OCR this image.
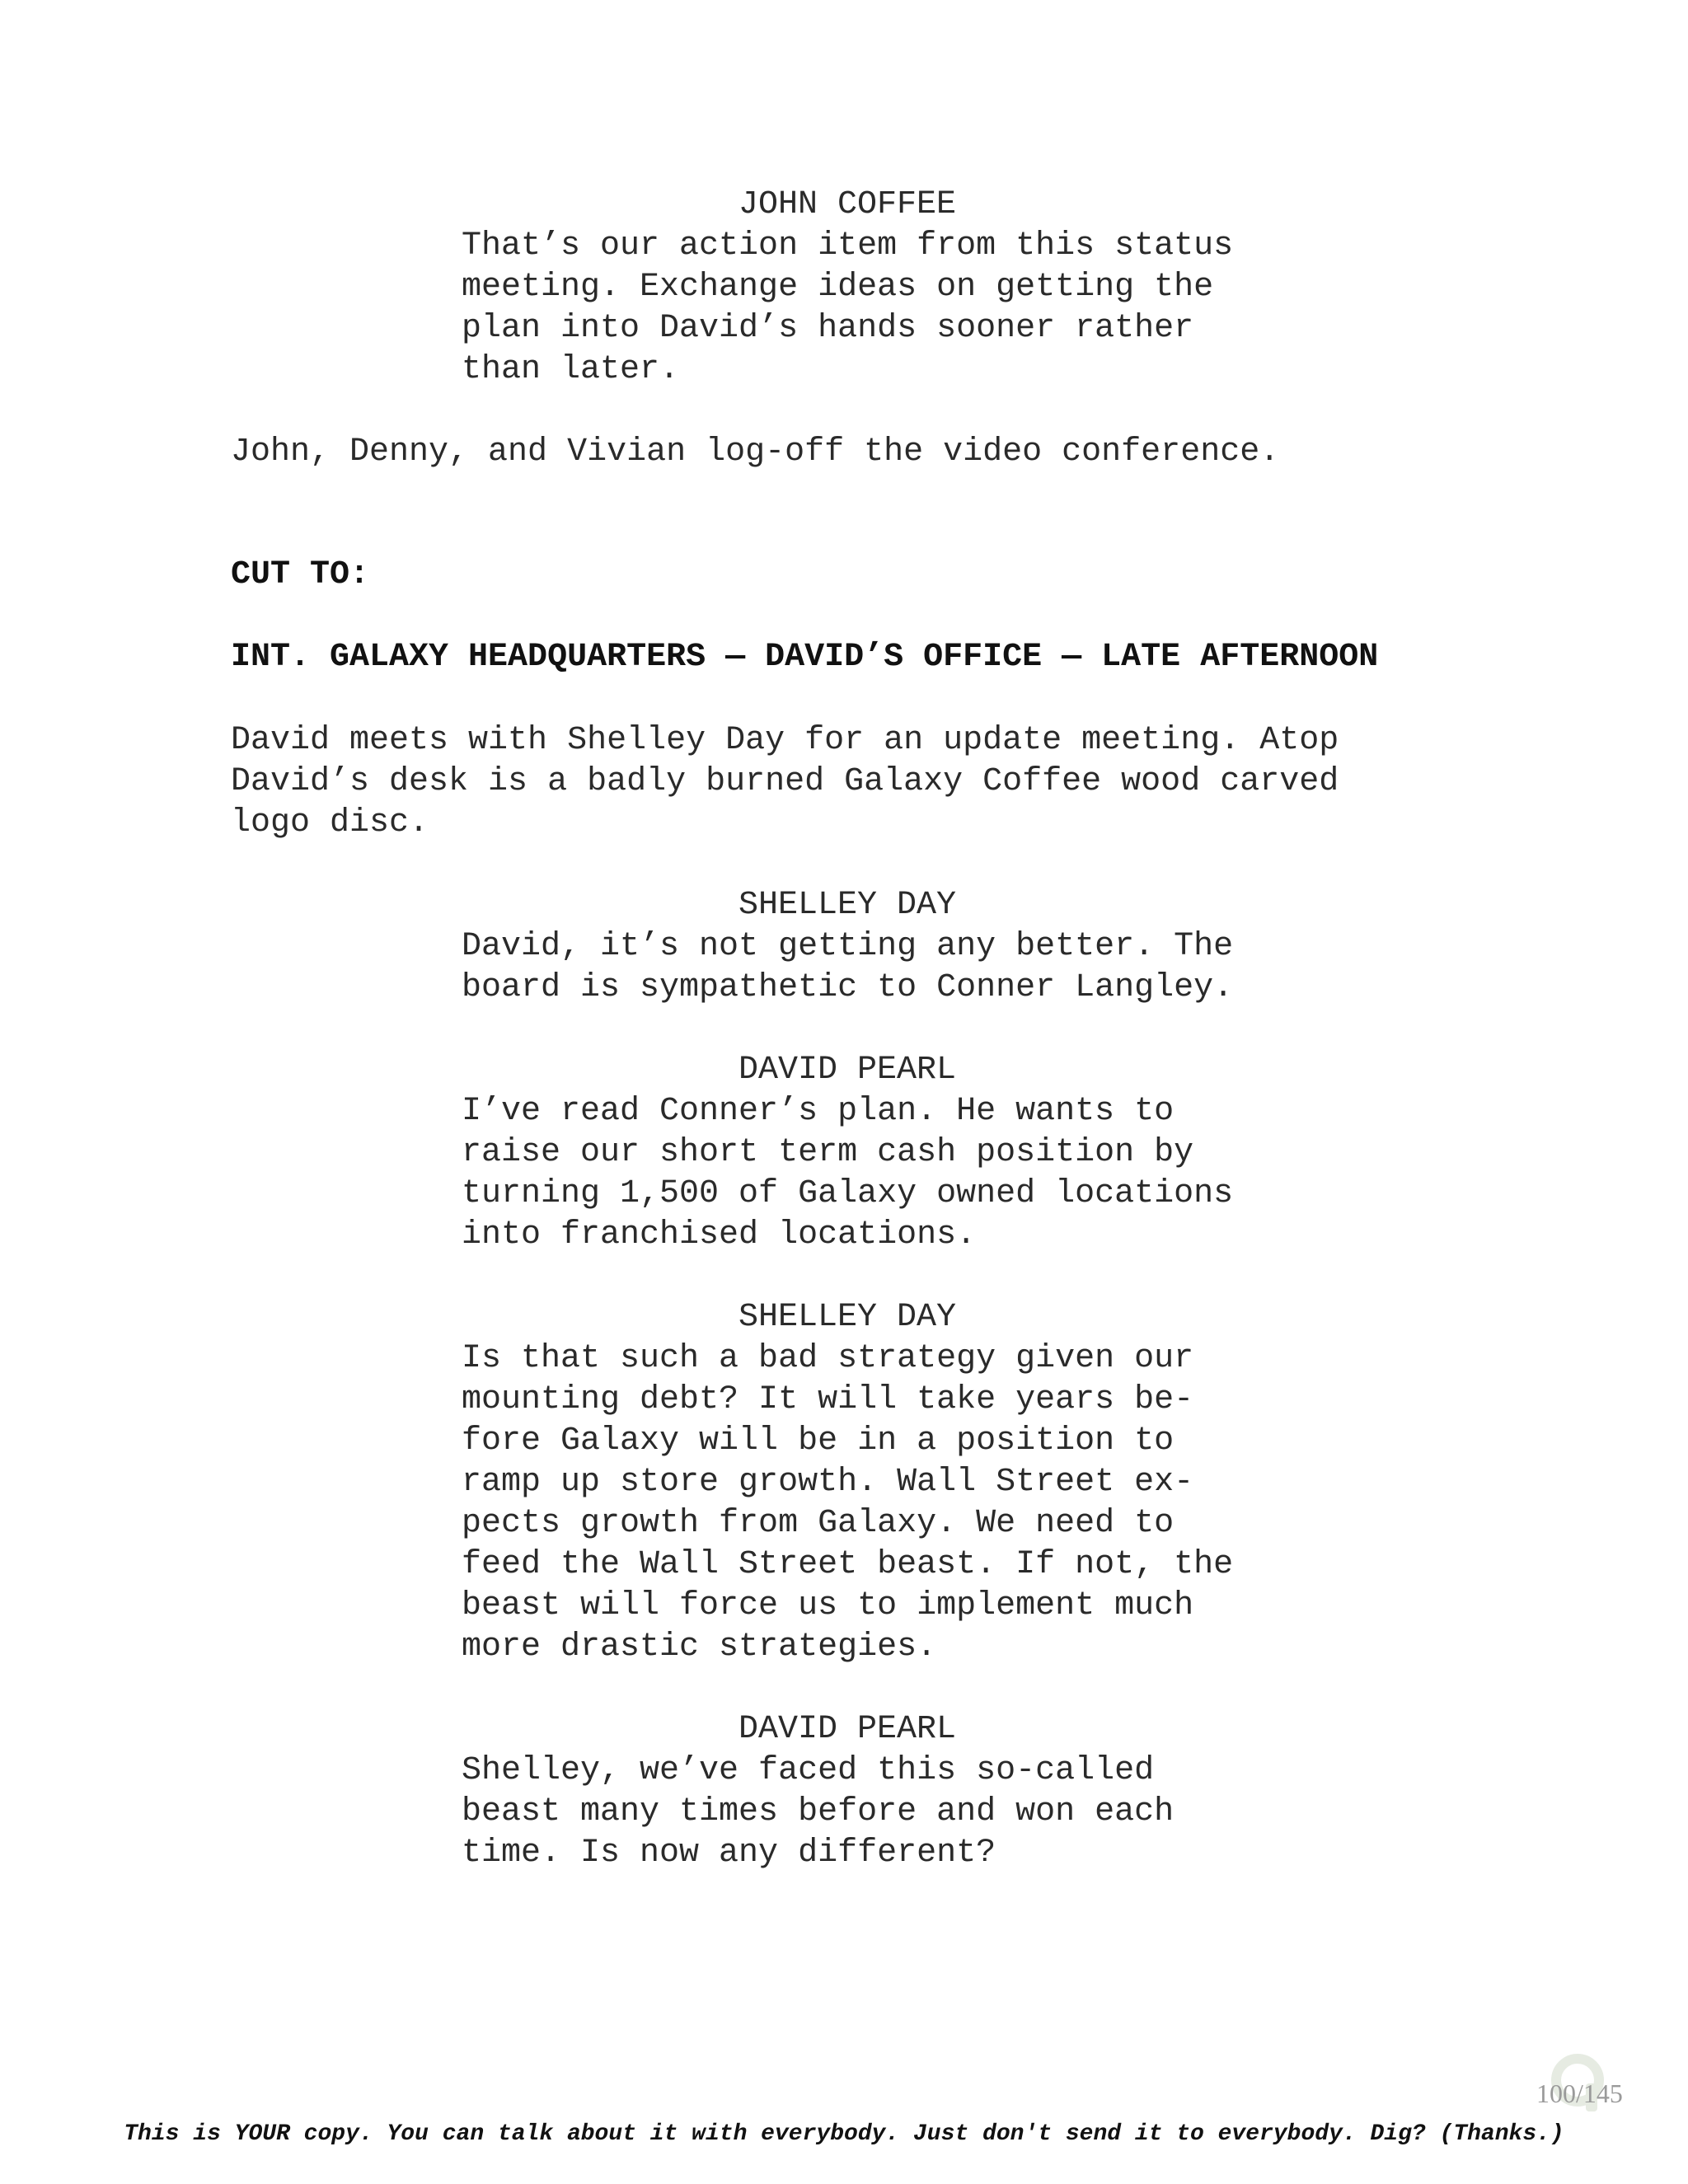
JOHN COFFEE
That’s our action item from this status
meeting. Exchange ideas on getting the
plan into David’s hands sooner rather
than later.
John, Denny, and Vivian log-off the video conference.
CUT TO:
INT. GALAXY HEADQUARTERS — DAVID’S OFFICE — LATE AFTERNOON
David meets with Shelley Day for an update meeting. Atop
David’s desk is a badly burned Galaxy Coffee wood carved
logo disc.
SHELLEY DAY
David, it’s not getting any better. The
board is sympathetic to Conner Langley.
DAVID PEARL
I’ve read Conner’s plan. He wants to
raise our short term cash position by
turning 1,500 of Galaxy owned locations
into franchised locations.
SHELLEY DAY
Is that such a bad strategy given our
mounting debt? It will take years be-
fore Galaxy will be in a position to
ramp up store growth. Wall Street ex-
pects growth from Galaxy. We need to
feed the Wall Street beast. If not, the
beast will force us to implement much
more drastic strategies.
DAVID PEARL
Shelley, we’ve faced this so-called
beast many times before and won each
time. Is now any different?
100/145
This is YOUR copy. You can talk about it with everybody. Just don't send it to everybody. Dig? (Thanks.)
